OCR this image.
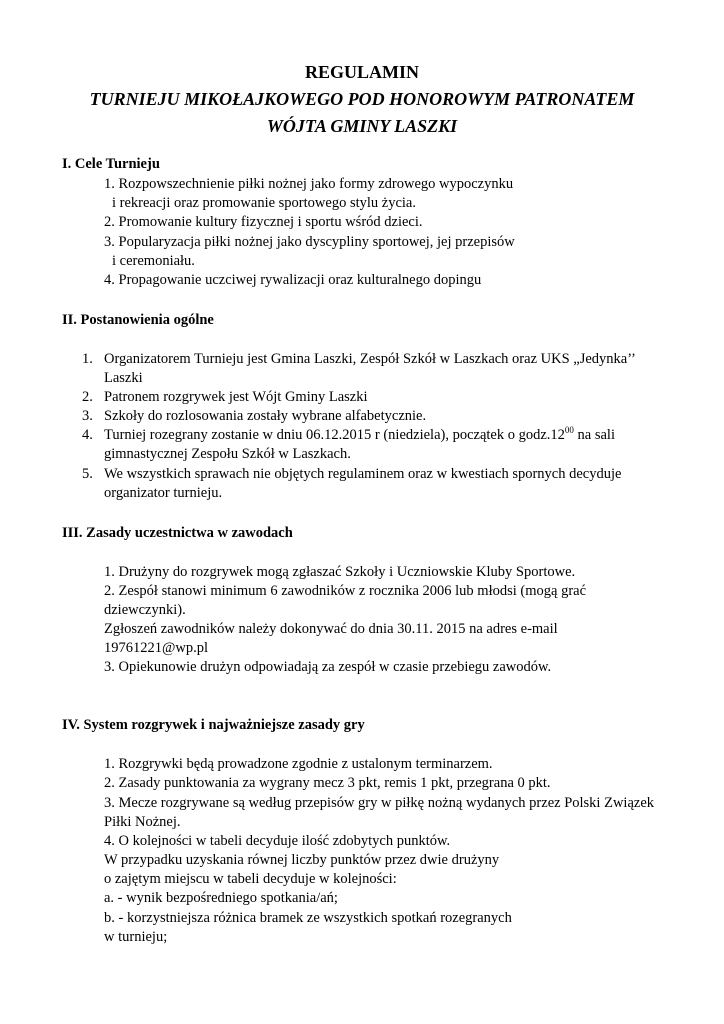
REGULAMIN
TURNIEJU MIKOŁAJKOWEGO POD HONOROWYM PATRONATEM
WÓJTA GMINY LASZKI
I. Cele Turnieju
1. Rozpowszechnienie piłki nożnej jako formy zdrowego wypoczynku
i rekreacji oraz promowanie sportowego stylu życia.
2. Promowanie kultury fizycznej i sportu wśród dzieci.
3. Popularyzacja piłki nożnej jako dyscypliny sportowej, jej przepisów
i ceremoniału.
4. Propagowanie uczciwej rywalizacji oraz kulturalnego dopingu
II. Postanowienia ogólne
1. Organizatorem Turnieju jest Gmina Laszki, Zespół Szkół w Laszkach oraz UKS „Jedynka’’
Laszki
2. Patronem rozgrywek jest Wójt Gminy Laszki
3. Szkoły do rozlosowania zostały wybrane alfabetycznie.
4. Turniej rozegrany zostanie w dniu 06.12.2015 r (niedziela), początek o $godz.12^{00}$ na sali
gimnastycznej Zespołu Szkół w Laszkach.
5. We wszystkich sprawach nie objętych regulaminem oraz w kwestiach spornych decyduje
organizator turnieju.
III. Zasady uczestnictwa w zawodach
1. Drużyny do rozgrywek mogą zgłaszać Szkoły i Uczniowskie Kluby Sportowe.
2. Zespół stanowi minimum 6 zawodników z rocznika 2006 lub młodsi (mogą grać
dziewczynki).
Zgłoszeń zawodników należy dokonywać do dnia 30.11. 2015 na adres e-mail
19761221@wp.pl
3. Opiekunowie drużyn odpowiadają za zespół w czasie przebiegu zawodów.
IV. System rozgrywek i najważniejsze zasady gry
1. Rozgrywki będą prowadzone zgodnie z ustalonym terminarzem.
2. Zasady punktowania za wygrany mecz 3 pkt, remis 1 pkt, przegrana 0 pkt.
3. Mecze rozgrywane są według przepisów gry w piłkę nożną wydanych przez Polski Związek
Piłki Nożnej.
4. O kolejności w tabeli decyduje ilość zdobytych punktów.
W przypadku uzyskania równej liczby punktów przez dwie drużyny
o zajętym miejscu w tabeli decyduje w kolejności:
a. - wynik bezpośredniego spotkania/ań;
b. - korzystniejsza różnica bramek ze wszystkich spotkań rozegranych
w turnieju;
